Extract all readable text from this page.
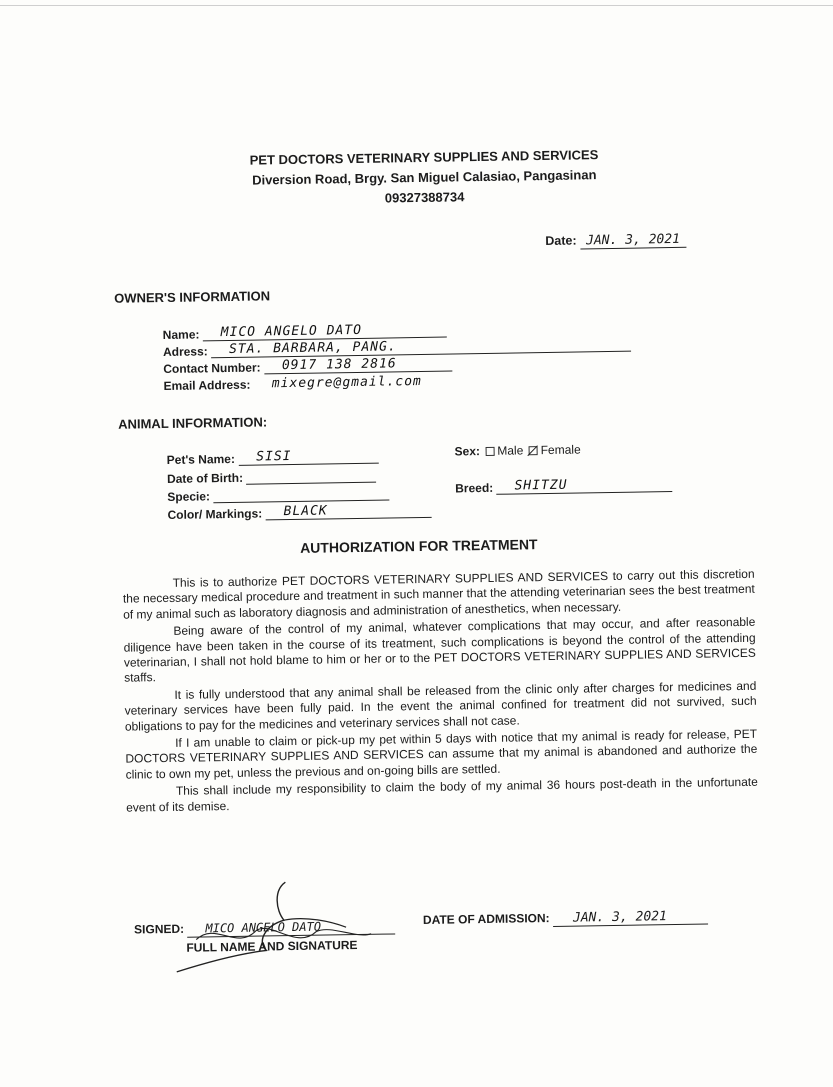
PET DOCTORS VETERINARY SUPPLIES AND SERVICES
Diversion Road, Brgy. San Miguel Calasiao, Pangasinan
09327388734
Date: JAN. 3, 2021
OWNER'S INFORMATION
Name: MICO ANGELO DATO
Adress: STA. BARBARA, PANG.
Contact Number: 0917 138 2816
Email Address: mixegre@gmail.com
ANIMAL INFORMATION:
Pet's Name: SISI
Date of Birth:
Specie:
Color/ Markings: BLACK
Sex: Male Female
Breed: SHITZU
AUTHORIZATION FOR TREATMENT

This is to authorize PET DOCTORS VETERINARY SUPPLIES AND SERVICES to carry out this discretion the necessary medical procedure and treatment in such manner that the attending veterinarian sees the best treatment of my animal such as laboratory diagnosis and administration of anesthetics, when necessary.

Being aware of the control of my animal, whatever complications that may occur, and after reasonable diligence have been taken in the course of its treatment, such complications is beyond the control of the attending veterinarian, I shall not hold blame to him or her or to the PET DOCTORS VETERINARY SUPPLIES AND SERVICES staffs.

It is fully understood that any animal shall be released from the clinic only after charges for medicines and veterinary services have been fully paid. In the event the animal confined for treatment did not survived, such obligations to pay for the medicines and veterinary services shall not case.

If I am unable to claim or pick-up my pet within 5 days with notice that my animal is ready for release, PET DOCTORS VETERINARY SUPPLIES AND SERVICES can assume that my animal is abandoned and authorize the clinic to own my pet, unless the previous and on-going bills are settled.

This shall include my responsibility to claim the body of my animal 36 hours post-death in the unfortunate event of its demise.

SIGNED: MICO ANGELO DATO
FULL NAME AND SIGNATURE
DATE OF ADMISSION: JAN. 3, 2021
